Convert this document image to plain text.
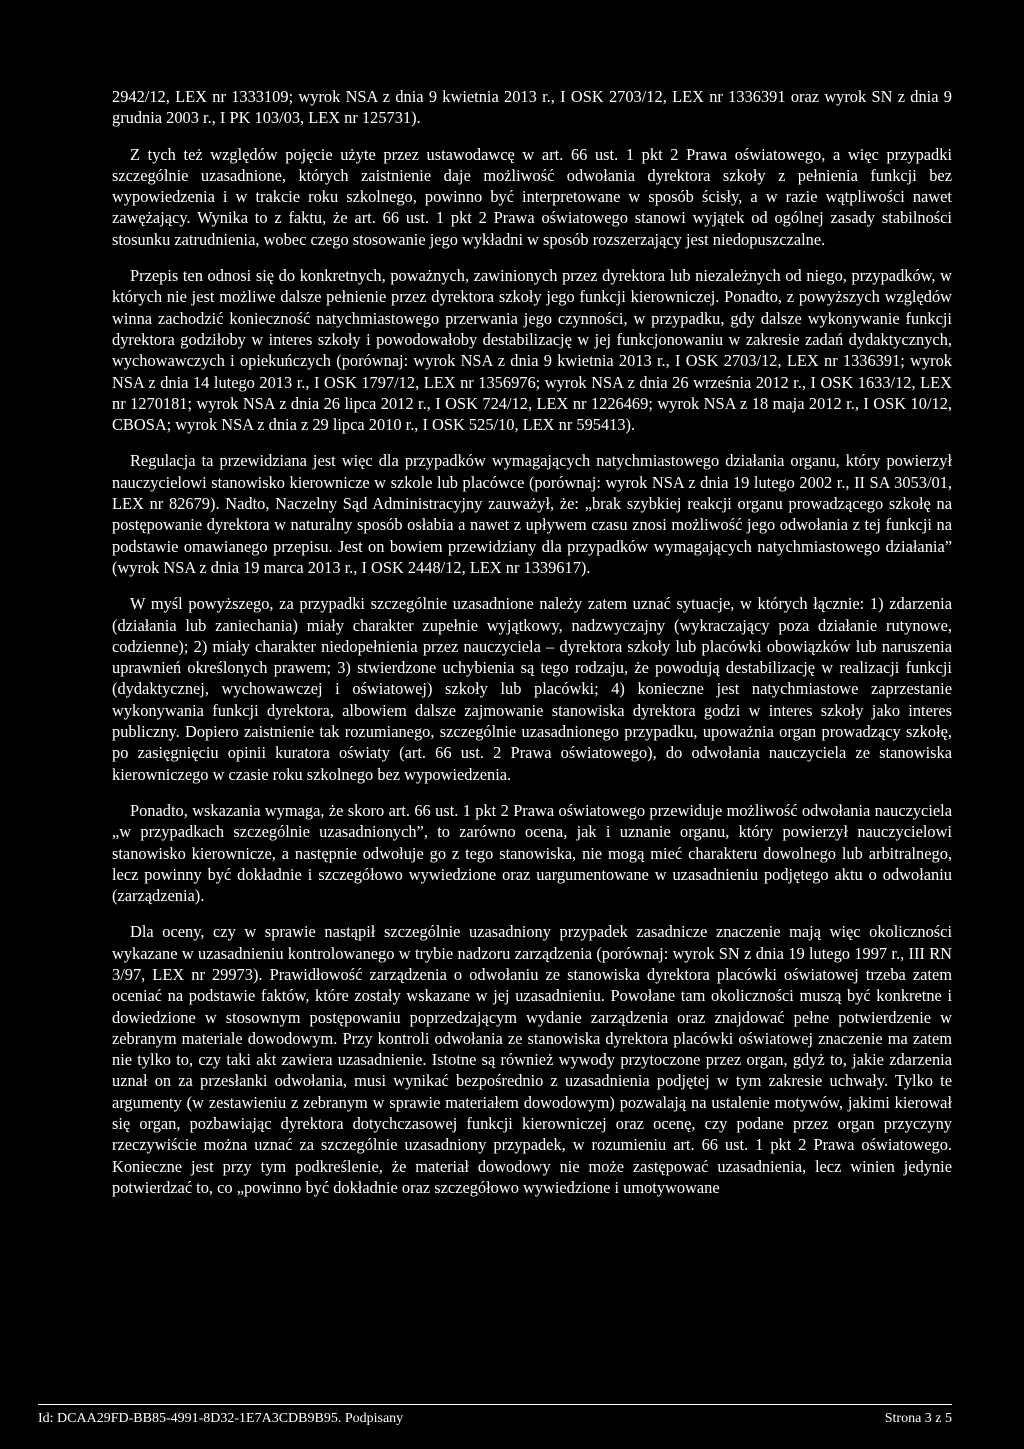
2942/12, LEX nr 1333109; wyrok NSA z dnia 9 kwietnia 2013 r., I OSK 2703/12, LEX nr 1336391 oraz wyrok SN z dnia 9 grudnia 2003 r., I PK 103/03, LEX nr 125731).

Z tych też względów pojęcie użyte przez ustawodawcę w art. 66 ust. 1 pkt 2 Prawa oświatowego, a więc przypadki szczególnie uzasadnione, których zaistnienie daje możliwość odwołania dyrektora szkoły z pełnienia funkcji bez wypowiedzenia i w trakcie roku szkolnego, powinno być interpretowane w sposób ścisły, a w razie wątpliwości nawet zawężający. Wynika to z faktu, że art. 66 ust. 1 pkt 2 Prawa oświatowego stanowi wyjątek od ogólnej zasady stabilności stosunku zatrudnienia, wobec czego stosowanie jego wykładni w sposób rozszerzający jest niedopuszczalne.

Przepis ten odnosi się do konkretnych, poważnych, zawinionych przez dyrektora lub niezależnych od niego, przypadków, w których nie jest możliwe dalsze pełnienie przez dyrektora szkoły jego funkcji kierowniczej. Ponadto, z powyższych względów winna zachodzić konieczność natychmiastowego przerwania jego czynności, w przypadku, gdy dalsze wykonywanie funkcji dyrektora godziłoby w interes szkoły i powodowałoby destabilizację w jej funkcjonowaniu w zakresie zadań dydaktycznych, wychowawczych i opiekuńczych (porównaj: wyrok NSA z dnia 9 kwietnia 2013 r., I OSK 2703/12, LEX nr 1336391; wyrok NSA z dnia 14 lutego 2013 r., I OSK 1797/12, LEX nr 1356976; wyrok NSA z dnia 26 września 2012 r., I OSK 1633/12, LEX nr 1270181; wyrok NSA z dnia 26 lipca 2012 r., I OSK 724/12, LEX nr 1226469; wyrok NSA z 18 maja 2012 r., I OSK 10/12, CBOSA; wyrok NSA z dnia z 29 lipca 2010 r., I OSK 525/10, LEX nr 595413).

Regulacja ta przewidziana jest więc dla przypadków wymagających natychmiastowego działania organu, który powierzył nauczycielowi stanowisko kierownicze w szkole lub placówce (porównaj: wyrok NSA z dnia 19 lutego 2002 r., II SA 3053/01, LEX nr 82679). Nadto, Naczelny Sąd Administracyjny zauważył, że: „brak szybkiej reakcji organu prowadzącego szkołę na postępowanie dyrektora w naturalny sposób osłabia a nawet z upływem czasu znosi możliwość jego odwołania z tej funkcji na podstawie omawianego przepisu. Jest on bowiem przewidziany dla przypadków wymagających natychmiastowego działania” (wyrok NSA z dnia 19 marca 2013 r., I OSK 2448/12, LEX nr 1339617).

W myśl powyższego, za przypadki szczególnie uzasadnione należy zatem uznać sytuacje, w których łącznie: 1) zdarzenia (działania lub zaniechania) miały charakter zupełnie wyjątkowy, nadzwyczajny (wykraczający poza działanie rutynowe, codzienne); 2) miały charakter niedopełnienia przez nauczyciela – dyrektora szkoły lub placówki obowiązków lub naruszenia uprawnień określonych prawem; 3) stwierdzone uchybienia są tego rodzaju, że powodują destabilizację w realizacji funkcji (dydaktycznej, wychowawczej i oświatowej) szkoły lub placówki; 4) konieczne jest natychmiastowe zaprzestanie wykonywania funkcji dyrektora, albowiem dalsze zajmowanie stanowiska dyrektora godzi w interes szkoły jako interes publiczny. Dopiero zaistnienie tak rozumianego, szczególnie uzasadnionego przypadku, upoważnia organ prowadzący szkołę, po zasięgnięciu opinii kuratora oświaty (art. 66 ust. 2 Prawa oświatowego), do odwołania nauczyciela ze stanowiska kierowniczego w czasie roku szkolnego bez wypowiedzenia.

Ponadto, wskazania wymaga, że skoro art. 66 ust. 1 pkt 2 Prawa oświatowego przewiduje możliwość odwołania nauczyciela „w przypadkach szczególnie uzasadnionych”, to zarówno ocena, jak i uznanie organu, który powierzył nauczycielowi stanowisko kierownicze, a następnie odwołuje go z tego stanowiska, nie mogą mieć charakteru dowolnego lub arbitralnego, lecz powinny być dokładnie i szczegółowo wywiedzione oraz uargumentowane w uzasadnieniu podjętego aktu o odwołaniu (zarządzenia).

Dla oceny, czy w sprawie nastąpił szczególnie uzasadniony przypadek zasadnicze znaczenie mają więc okoliczności wykazane w uzasadnieniu kontrolowanego w trybie nadzoru zarządzenia (porównaj: wyrok SN z dnia 19 lutego 1997 r., III RN 3/97, LEX nr 29973). Prawidłowość zarządzenia o odwołaniu ze stanowiska dyrektora placówki oświatowej trzeba zatem oceniać na podstawie faktów, które zostały wskazane w jej uzasadnieniu. Powołane tam okoliczności muszą być konkretne i dowiedzione w stosownym postępowaniu poprzedzającym wydanie zarządzenia oraz znajdować pełne potwierdzenie w zebranym materiale dowodowym. Przy kontroli odwołania ze stanowiska dyrektora placówki oświatowej znaczenie ma zatem nie tylko to, czy taki akt zawiera uzasadnienie. Istotne są również wywody przytoczone przez organ, gdyż to, jakie zdarzenia uznał on za przesłanki odwołania, musi wynikać bezpośrednio z uzasadnienia podjętej w tym zakresie uchwały. Tylko te argumenty (w zestawieniu z zebranym w sprawie materiałem dowodowym) pozwalają na ustalenie motywów, jakimi kierował się organ, pozbawiając dyrektora dotychczasowej funkcji kierowniczej oraz ocenę, czy podane przez organ przyczyny rzeczywiście można uznać za szczególnie uzasadniony przypadek, w rozumieniu art. 66 ust. 1 pkt 2 Prawa oświatowego. Konieczne jest przy tym podkreślenie, że materiał dowodowy nie może zastępować uzasadnienia, lecz winien jedynie potwierdzać to, co „powinno być dokładnie oraz szczegółowo wywiedzione i umotywowane

Id: DCAA29FD-BB85-4991-8D32-1E7A3CDB9B95. Podpisany	Strona 3 z 5
